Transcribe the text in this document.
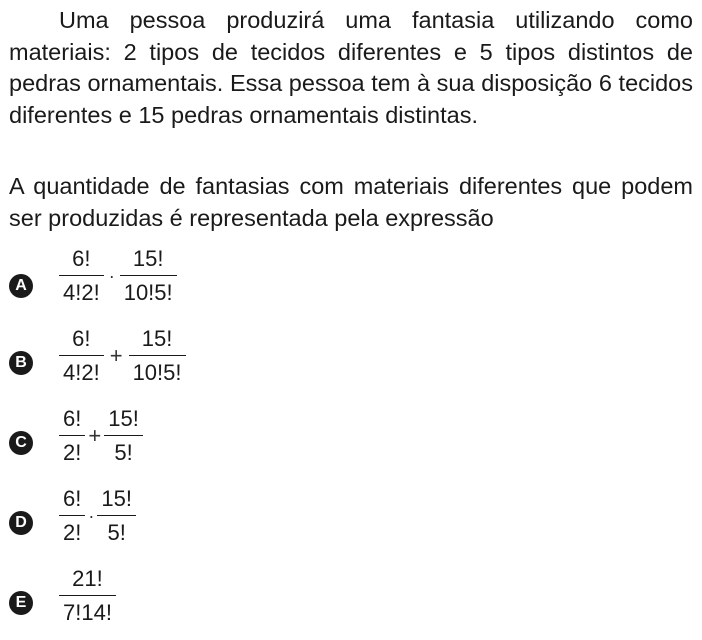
Uma pessoa produzirá uma fantasia utilizando como materiais: 2 tipos de tecidos diferentes e 5 tipos distintos de pedras ornamentais. Essa pessoa tem à sua disposição 6 tecidos diferentes e 15 pedras ornamentais distintas.
A quantidade de fantasias com materiais diferentes que podem ser produzidas é representada pela expressão
A $\frac{6!}{4!2!} \cdot \frac{15!}{10!5!}$
B $\frac{6!}{4!2!} + \frac{15!}{10!5!}$
C $\frac{6!}{2!} + \frac{15!}{5!}$
D $\frac{6!}{2!} \cdot \frac{15!}{5!}$
E	$\frac{21!}{7!14!}$
